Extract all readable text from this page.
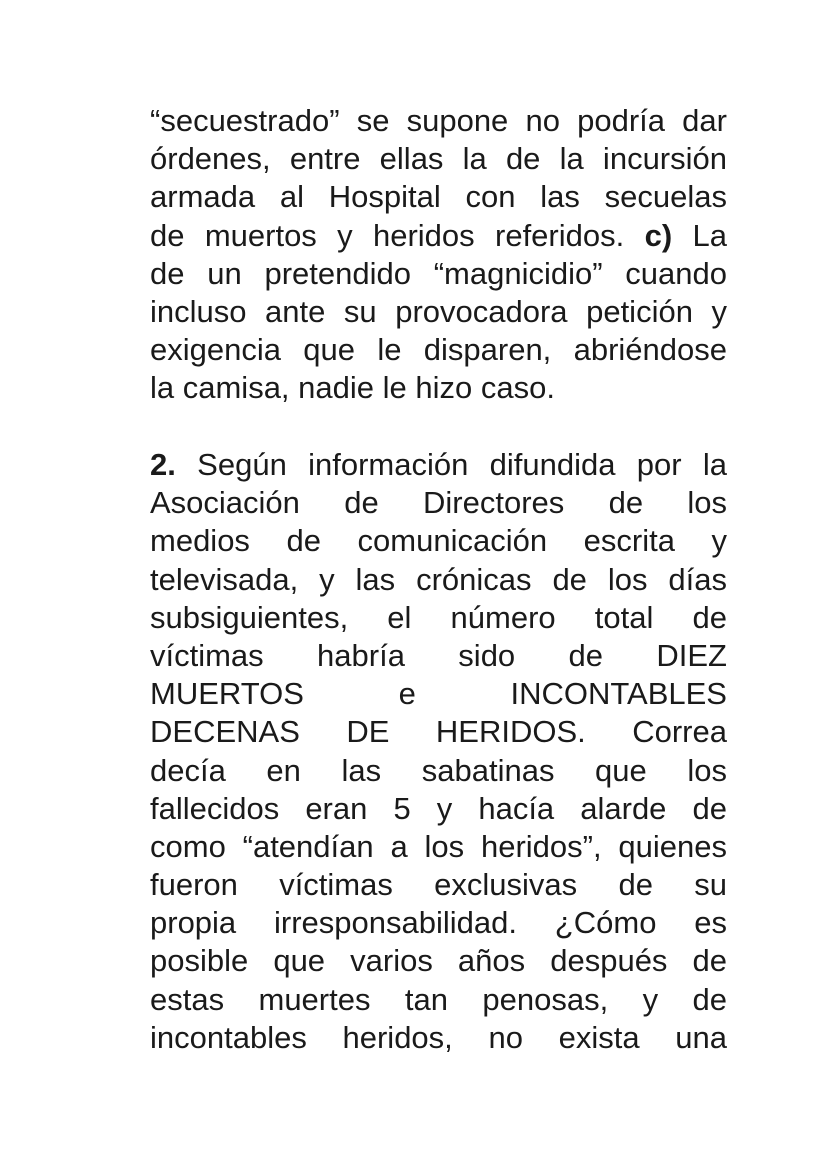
“secuestrado” se supone no podría dar
órdenes, entre ellas la de la incursión
armada al Hospital con las secuelas
de muertos y heridos referidos. c) La
de un pretendido “magnicidio” cuando
incluso ante su provocadora petición y
exigencia que le disparen, abriéndose
la camisa, nadie le hizo caso.
2. Según información difundida por la
Asociación de Directores de los
medios de comunicación escrita y
televisada, y las crónicas de los días
subsiguientes, el número total de
víctimas habría sido de DIEZ
MUERTOS e INCONTABLES
DECENAS DE HERIDOS. Correa
decía en las sabatinas que los
fallecidos eran 5 y hacía alarde de
como “atendían a los heridos”, quienes
fueron víctimas exclusivas de su
propia irresponsabilidad. ¿Cómo es
posible que varios años después de
estas muertes tan penosas, y de
incontables heridos, no exista una
